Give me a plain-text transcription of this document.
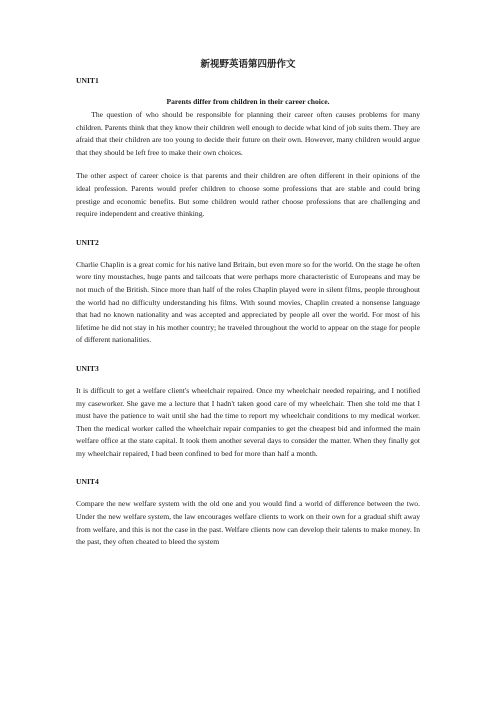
新视野英语第四册作文
UNIT1
Parents differ from children in their career choice.

The question of who should be responsible for planning their career often causes problems for many children. Parents think that they know their children well enough to decide what kind of job suits them. They are afraid that their children are too young to decide their future on their own. However, many children would argue that they should be left free to make their own choices.

The other aspect of career choice is that parents and their children are often different in their opinions of the ideal profession. Parents would prefer children to choose some professions that are stable and could bring prestige and economic benefits. But some children would rather choose professions that are challenging and require independent and creative thinking.

UNIT2

Charlie Chaplin is a great comic for his native land Britain, but even more so for the world. On the stage he often wore tiny moustaches, huge pants and tailcoats that were perhaps more characteristic of Europeans and may be not much of the British. Since more than half of the roles Chaplin played were in silent films, people throughout the world had no difficulty understanding his films. With sound movies, Chaplin created a nonsense language that had no known nationality and was accepted and appreciated by people all over the world. For most of his lifetime he did not stay in his mother country; he traveled throughout the world to appear on the stage for people of different nationalities.

UNIT3

It is difficult to get a welfare client's wheelchair repaired. Once my wheelchair needed repairing, and I notified my caseworker. She gave me a lecture that I hadn't taken good care of my wheelchair. Then she told me that I must have the patience to wait until she had the time to report my wheelchair conditions to my medical worker. Then the medical worker called the wheelchair repair companies to get the cheapest bid and informed the main welfare office at the state capital. It took them another several days to consider the matter. When they finally got my wheelchair repaired, I had been confined to bed for more than half a month.

UNIT4

Compare the new welfare system with the old one and you would find a world of difference between the two. Under the new welfare system, the law encourages welfare clients to work on their own for a gradual shift away from welfare, and this is not the case in the past. Welfare clients now can develop their talents to make money. In the past, they often cheated to bleed the system
